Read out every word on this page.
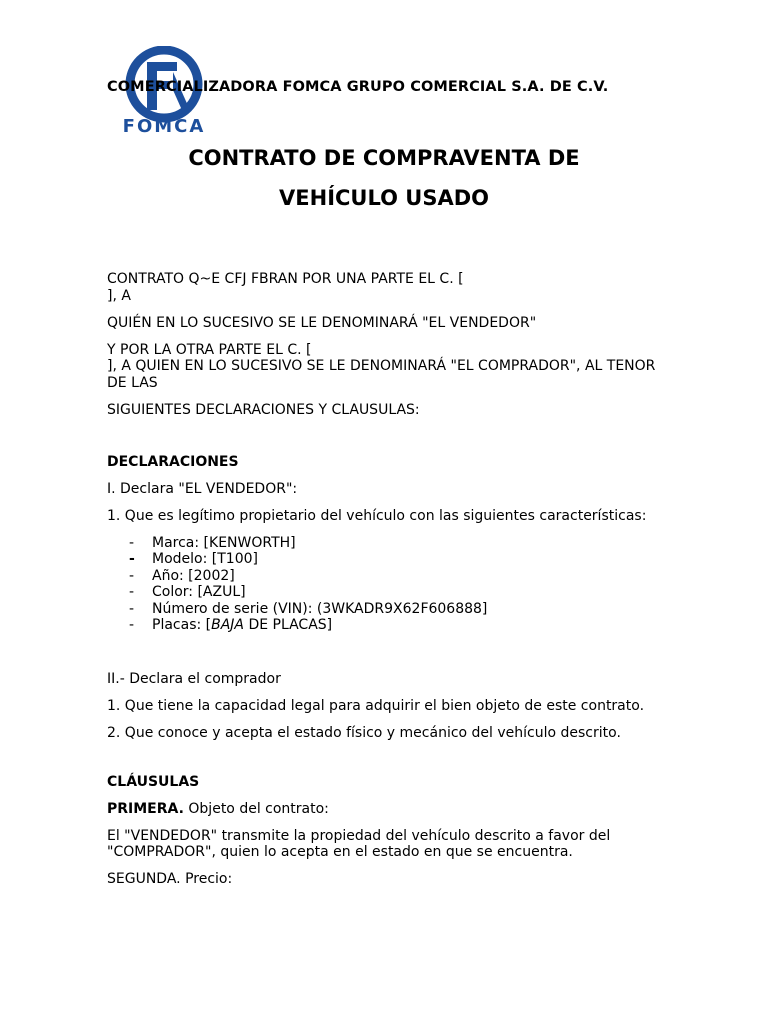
FOMCA
COMERCIALIZADORA FOMCA GRUPO COMERCIAL S.A. DE C.V.
CONTRATO DE COMPRAVENTA DE
VEHÍCULO USADO

CONTRATO Q~E CFJ FBRAN POR UNA PARTE EL C. [
], A

QUIÉN EN LO SUCESIVO SE LE DENOMINARÁ "EL VENDEDOR"

Y POR LA OTRA PARTE EL C. [
], A QUIEN EN LO SUCESIVO SE LE DENOMINARÁ "EL COMPRADOR", AL TENOR DE LAS

SIGUIENTES DECLARACIONES Y CLAUSULAS:

DECLARACIONES

I. Declara "EL VENDEDOR":

1. Que es legítimo propietario del vehículo con las siguientes características:

- Marca: [KENWORTH]
- Modelo: [T100]
- Año: [2002]
- Color: [AZUL]
- Número de serie (VIN): (3WKADR9X62F606888]
- Placas: [BAJA DE PLACAS]

II.- Declara el comprador

1. Que tiene la capacidad legal para adquirir el bien objeto de este contrato.

2. Que conoce y acepta el estado físico y mecánico del vehículo descrito.

CLÁUSULAS

PRIMERA. Objeto del contrato:

El "VENDEDOR" transmite la propiedad del vehículo descrito a favor del
"COMPRADOR", quien lo acepta en el estado en que se encuentra.

SEGUNDA. Precio:
